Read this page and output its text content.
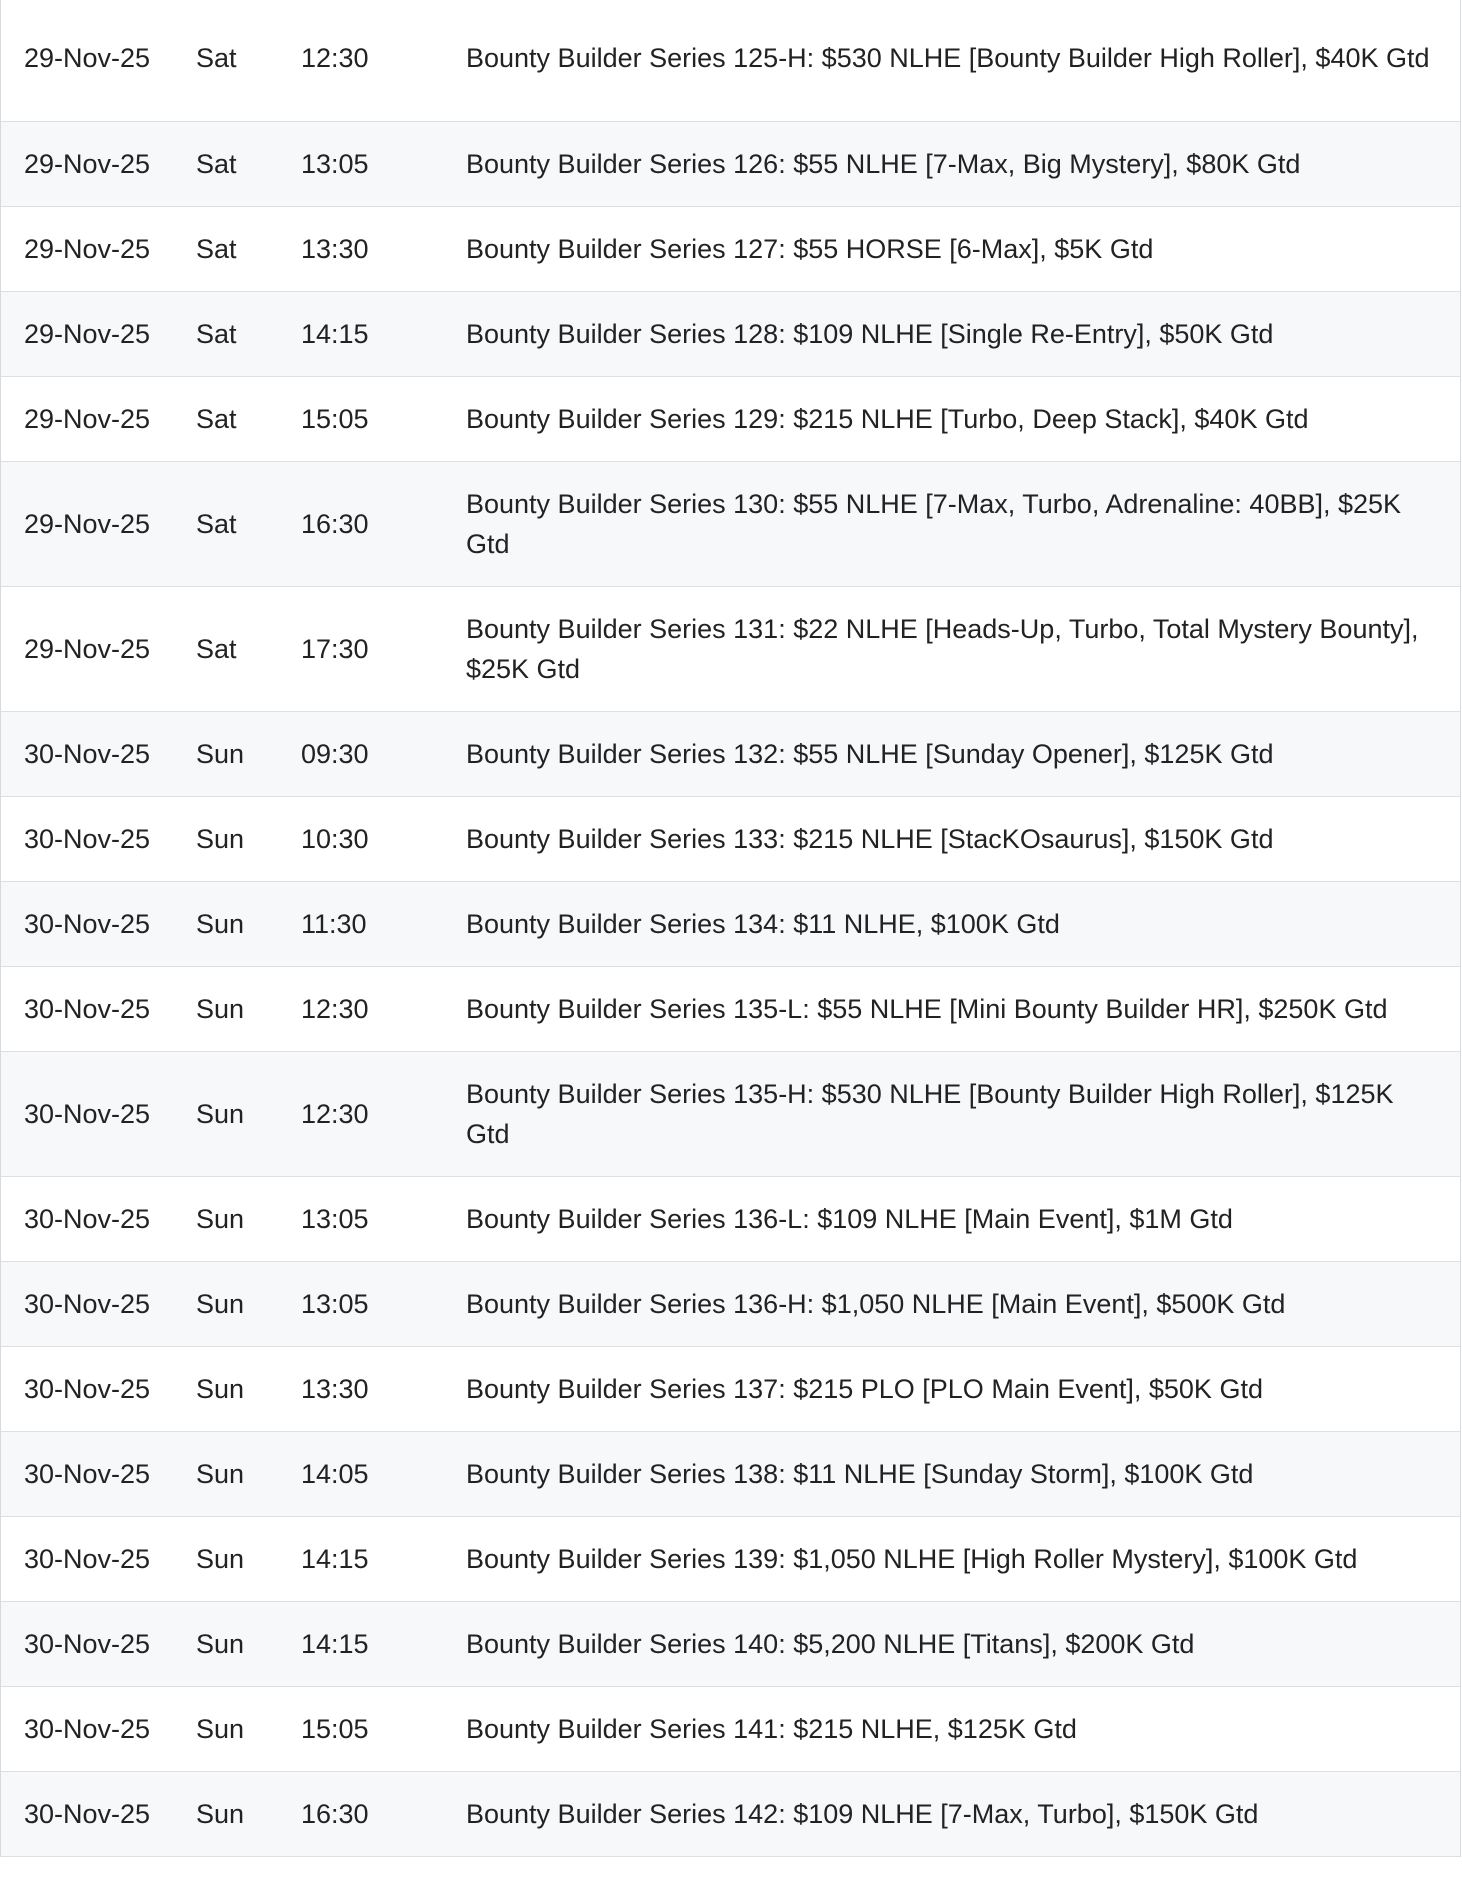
29-Nov-25	Sat	12:30	Bounty Builder Series 125-H: $530 NLHE [Bounty Builder High Roller], $40K Gtd
29-Nov-25	Sat	13:05	Bounty Builder Series 126: $55 NLHE [7-Max, Big Mystery], $80K Gtd
29-Nov-25	Sat	13:30	Bounty Builder Series 127: $55 HORSE [6-Max], $5K Gtd
29-Nov-25	Sat	14:15	Bounty Builder Series 128: $109 NLHE [Single Re-Entry], $50K Gtd
29-Nov-25	Sat	15:05	Bounty Builder Series 129: $215 NLHE [Turbo, Deep Stack], $40K Gtd
29-Nov-25	Sat	16:30	Bounty Builder Series 130: $55 NLHE [7-Max, Turbo, Adrenaline: 40BB], $25K Gtd
29-Nov-25	Sat	17:30	Bounty Builder Series 131: $22 NLHE [Heads-Up, Turbo, Total Mystery Bounty], $25K Gtd
30-Nov-25	Sun	09:30	Bounty Builder Series 132: $55 NLHE [Sunday Opener], $125K Gtd
30-Nov-25	Sun	10:30	Bounty Builder Series 133: $215 NLHE [StacKOsaurus], $150K Gtd
30-Nov-25	Sun	11:30	Bounty Builder Series 134: $11 NLHE, $100K Gtd
30-Nov-25	Sun	12:30	Bounty Builder Series 135-L: $55 NLHE [Mini Bounty Builder HR], $250K Gtd
30-Nov-25	Sun	12:30	Bounty Builder Series 135-H: $530 NLHE [Bounty Builder High Roller], $125K Gtd
30-Nov-25	Sun	13:05	Bounty Builder Series 136-L: $109 NLHE [Main Event], $1M Gtd
30-Nov-25	Sun	13:05	Bounty Builder Series 136-H: $1,050 NLHE [Main Event], $500K Gtd
30-Nov-25	Sun	13:30	Bounty Builder Series 137: $215 PLO [PLO Main Event], $50K Gtd
30-Nov-25	Sun	14:05	Bounty Builder Series 138: $11 NLHE [Sunday Storm], $100K Gtd
30-Nov-25	Sun	14:15	Bounty Builder Series 139: $1,050 NLHE [High Roller Mystery], $100K Gtd
30-Nov-25	Sun	14:15	Bounty Builder Series 140: $5,200 NLHE [Titans], $200K Gtd
30-Nov-25	Sun	15:05	Bounty Builder Series 141: $215 NLHE, $125K Gtd
30-Nov-25	Sun	16:30	Bounty Builder Series 142: $109 NLHE [7-Max, Turbo], $150K Gtd
